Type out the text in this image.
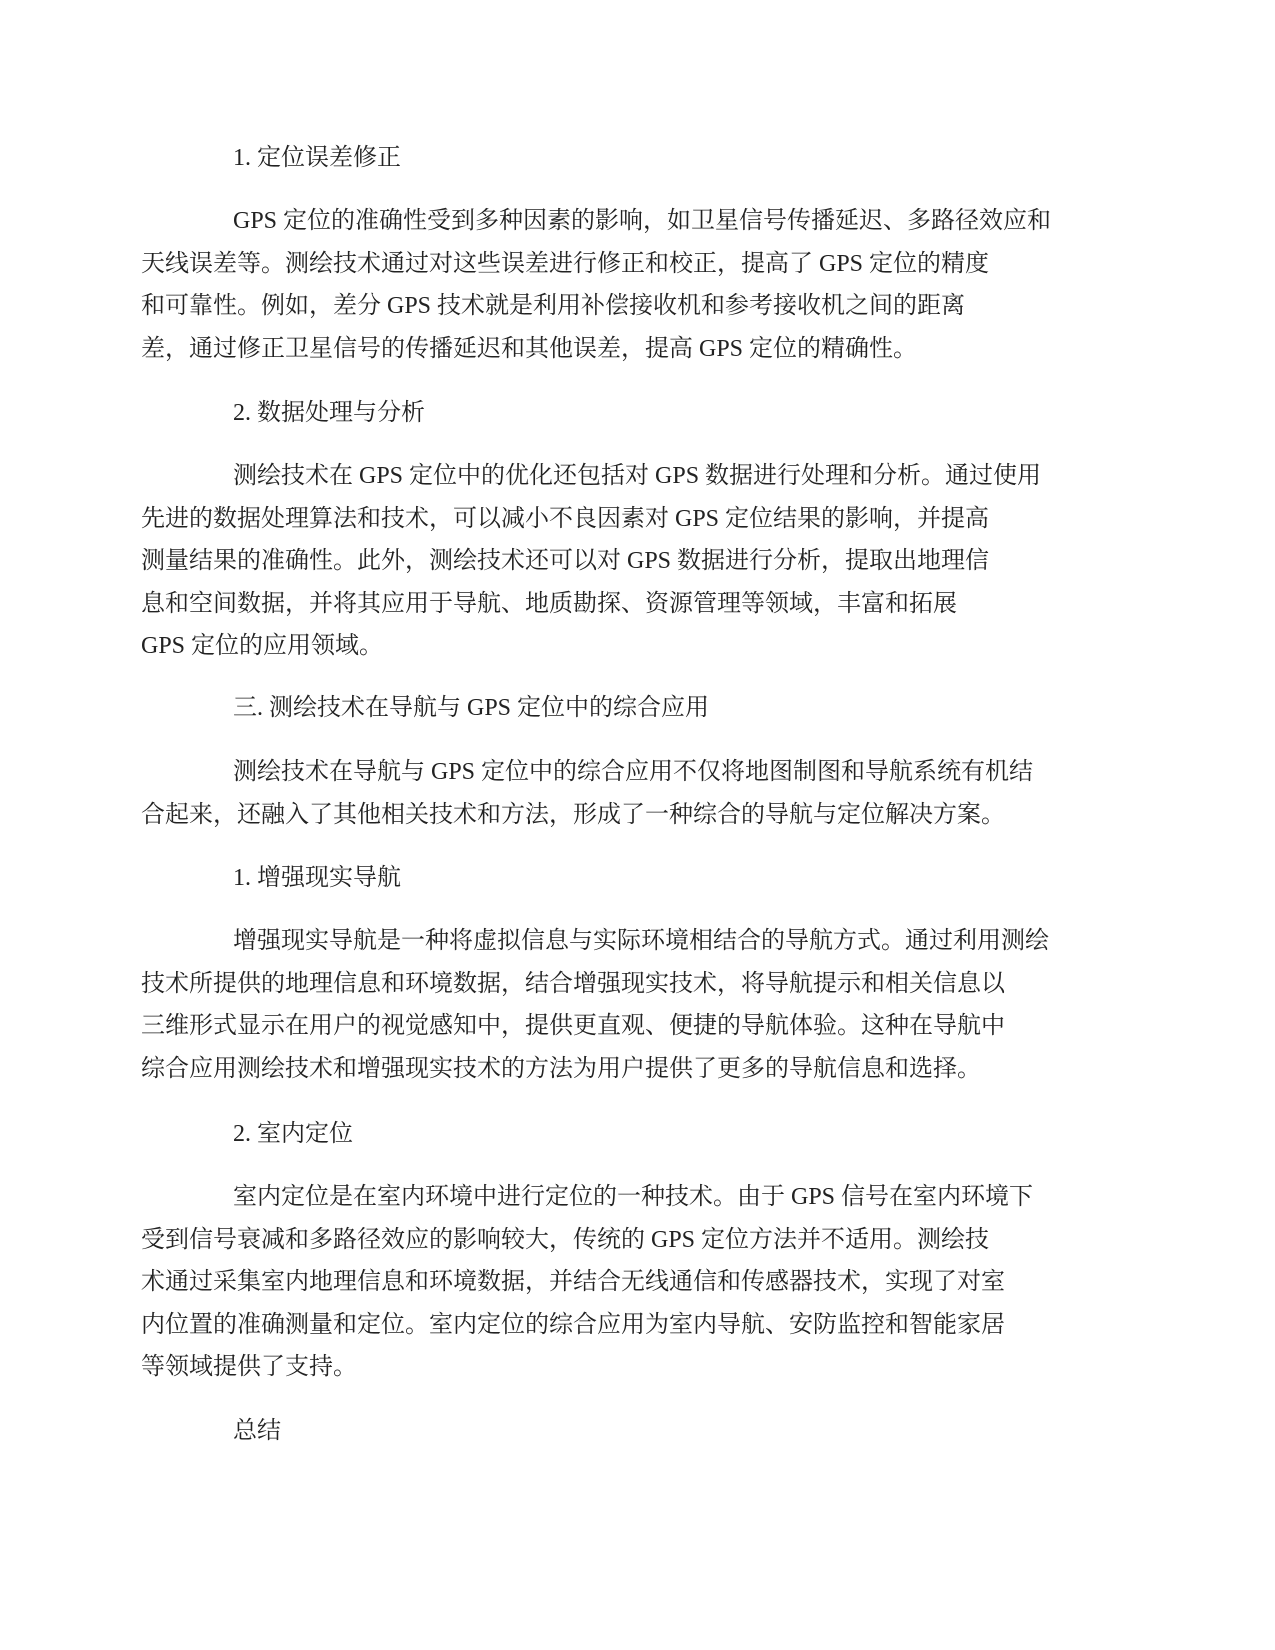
1. 定位误差修正
GPS 定位的准确性受到多种因素的影响，如卫星信号传播延迟、多路径效应和
天线误差等。测绘技术通过对这些误差进行修正和校正，提高了 GPS 定位的精度
和可靠性。例如，差分 GPS 技术就是利用补偿接收机和参考接收机之间的距离
差，通过修正卫星信号的传播延迟和其他误差，提高 GPS 定位的精确性。
2. 数据处理与分析
测绘技术在 GPS 定位中的优化还包括对 GPS 数据进行处理和分析。通过使用
先进的数据处理算法和技术，可以减小不良因素对 GPS 定位结果的影响，并提高
测量结果的准确性。此外，测绘技术还可以对 GPS 数据进行分析，提取出地理信
息和空间数据，并将其应用于导航、地质勘探、资源管理等领域，丰富和拓展
GPS 定位的应用领域。
三. 测绘技术在导航与 GPS 定位中的综合应用
测绘技术在导航与 GPS 定位中的综合应用不仅将地图制图和导航系统有机结
合起来，还融入了其他相关技术和方法，形成了一种综合的导航与定位解决方案。
1. 增强现实导航
增强现实导航是一种将虚拟信息与实际环境相结合的导航方式。通过利用测绘
技术所提供的地理信息和环境数据，结合增强现实技术，将导航提示和相关信息以
三维形式显示在用户的视觉感知中，提供更直观、便捷的导航体验。这种在导航中
综合应用测绘技术和增强现实技术的方法为用户提供了更多的导航信息和选择。
2. 室内定位
室内定位是在室内环境中进行定位的一种技术。由于 GPS 信号在室内环境下
受到信号衰减和多路径效应的影响较大，传统的 GPS 定位方法并不适用。测绘技
术通过采集室内地理信息和环境数据，并结合无线通信和传感器技术，实现了对室
内位置的准确测量和定位。室内定位的综合应用为室内导航、安防监控和智能家居
等领域提供了支持。
总结
